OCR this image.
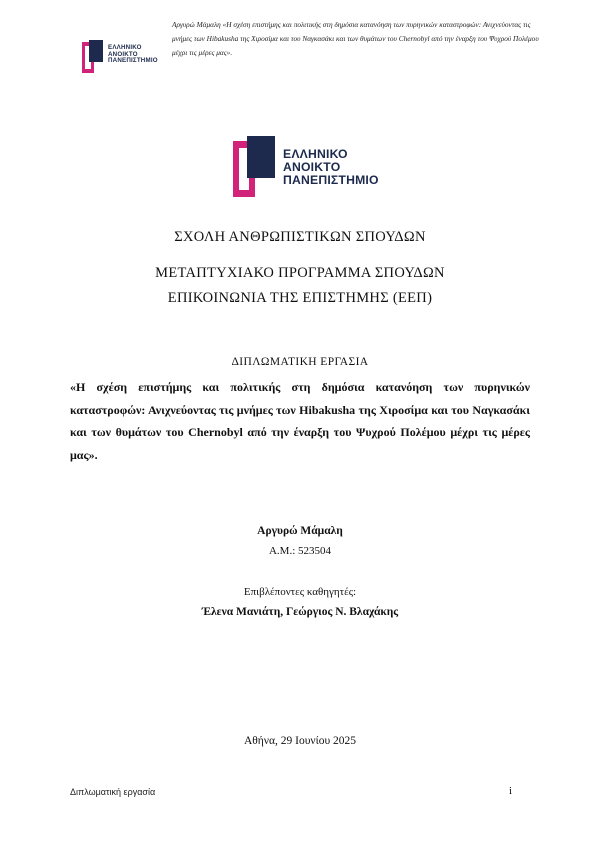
ΕΛΛΗΝΙΚΟ
ΑΝΟΙΚΤΟ
ΠΑΝΕΠΙΣΤΗΜΙΟ
Αργυρώ Μάμαλη «Η σχέση επιστήμης και πολιτικής στη δημόσια κατανόηση των πυρηνικών καταστροφών: Ανιχνεύοντας τις μνήμες των Hibakusha της Χιροσίμα και του Ναγκασάκι και των θυμάτων του Chernobyl από την έναρξη του Ψυχρού Πολέμου μέχρι τις μέρες μας».
ΕΛΛΗΝΙΚΟ
ΑΝΟΙΚΤΟ
ΠΑΝΕΠΙΣΤΗΜΙΟ
ΣΧΟΛΗ ΑΝΘΡΩΠΙΣΤΙΚΩΝ ΣΠΟΥΔΩΝ
ΜΕΤΑΠΤΥΧΙΑΚΟ ΠΡΟΓΡΑΜΜΑ ΣΠΟΥΔΩΝ
ΕΠΙΚΟΙΝΩΝΙΑ ΤΗΣ ΕΠΙΣΤΗΜΗΣ (ΕΕΠ)
ΔΙΠΛΩΜΑΤΙΚΗ ΕΡΓΑΣΙΑ
«Η σχέση επιστήμης και πολιτικής στη δημόσια κατανόηση των πυρηνικών καταστροφών: Ανιχνεύοντας τις μνήμες των Hibakusha της Χιροσίμα και του Ναγκασάκι και των θυμάτων του Chernobyl από την έναρξη του Ψυχρού Πολέμου μέχρι τις μέρες μας».
Αργυρώ Μάμαλη
Α.Μ.: 523504
Επιβλέποντες καθηγητές:
Έλενα Μανιάτη, Γεώργιος Ν. Βλαχάκης
Αθήνα, 29 Ιουνίου 2025
Διπλωματική εργασία	i
